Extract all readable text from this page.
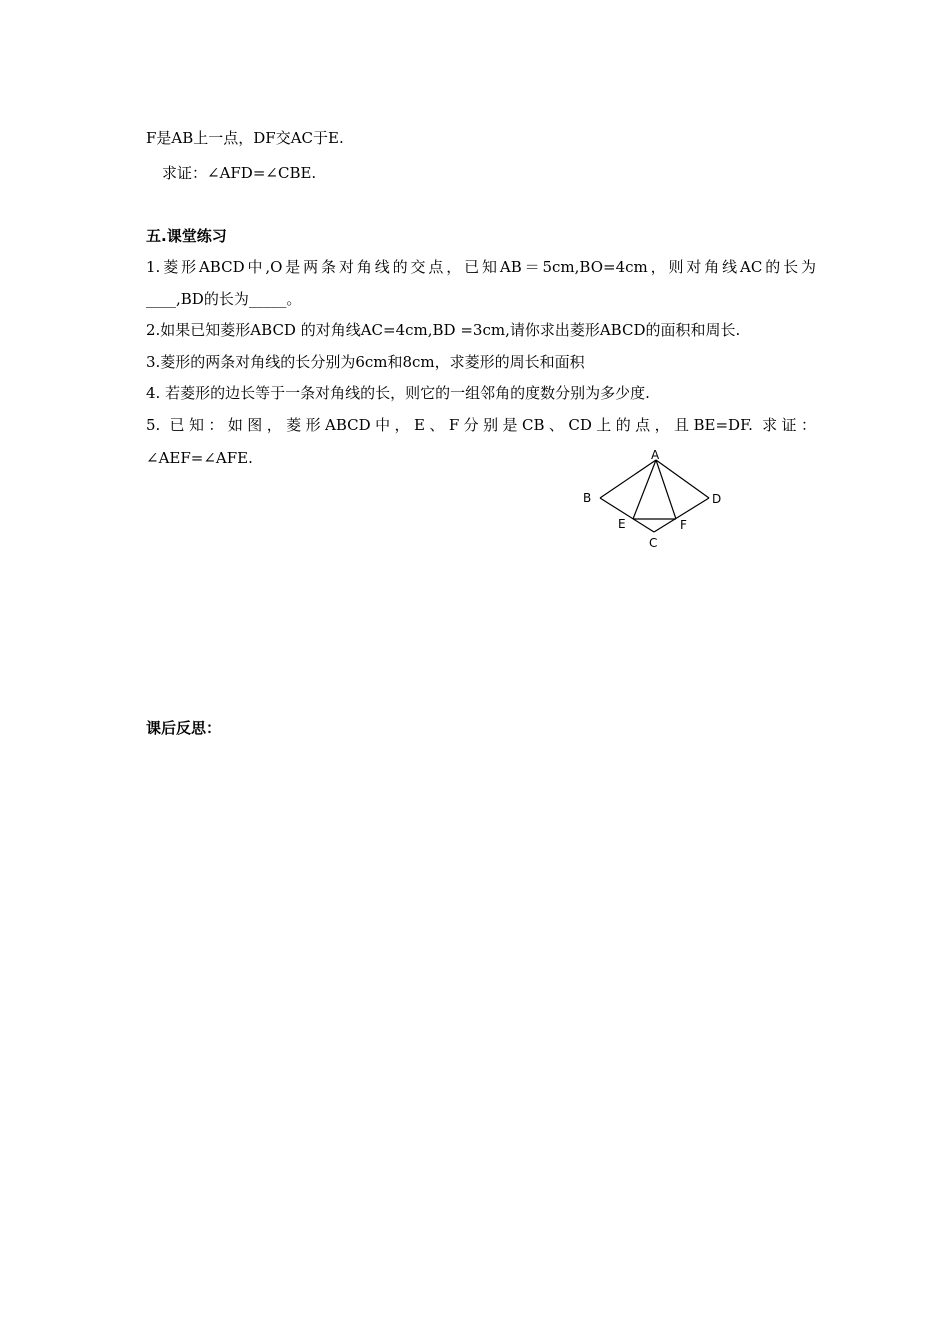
F是AB上一点，DF交AC于E.
求证：∠AFD=∠CBE.
五.课堂练习
1.菱形ABCD中,O是两条对角线的交点，已知AB＝5cm,BO=4cm，则对角线AC的长为
____,BD的长为_____。
2.如果已知菱形ABCD 的对角线AC=4cm,BD =3cm,请你求出菱形ABCD的面积和周长.
3.菱形的两条对角线的长分别为6cm和8cm，求菱形的周长和面积
4. 若菱形的边长等于一条对角线的长，则它的一组邻角的度数分别为多少度.
5. 已知：如图，菱形ABCD中，E、F分别是CB、CD上的点，且BE=DF. 求证：
∠AEF=∠AFE.	A
B	D
E	F
C
课后反思：
